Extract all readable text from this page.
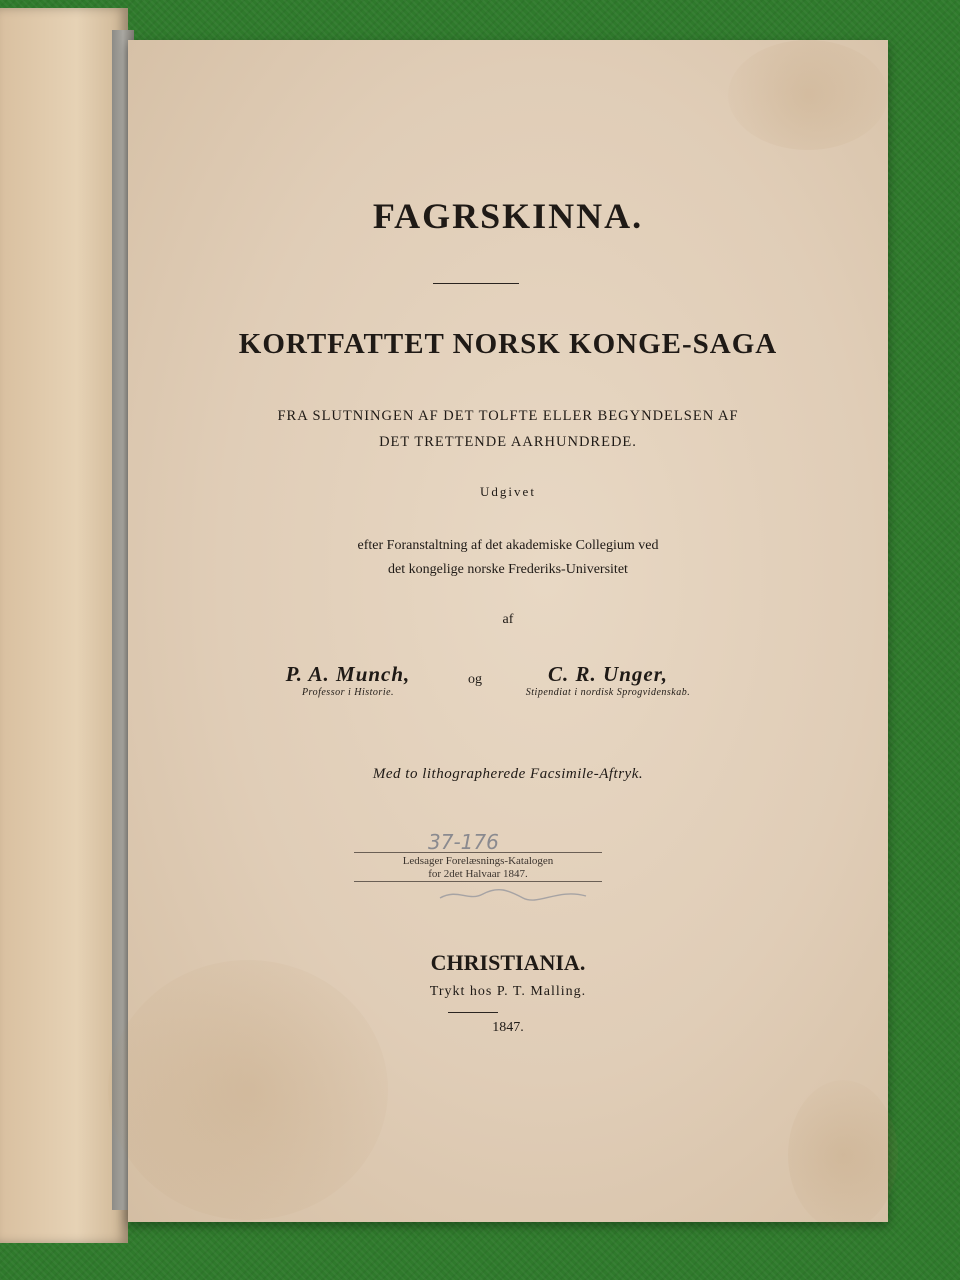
FAGRSKINNA.
KORTFATTET NORSK KONGE-SAGA
FRA SLUTNINGEN AF DET TOLFTE ELLER BEGYNDELSEN AF
DET TRETTENDE AARHUNDREDE.
Udgivet
efter Foranstaltning af det akademiske Collegium ved
det kongelige norske Frederiks-Universitet
af
P. A. Munch,
Professor i Historie.
og	C. R. Unger,
Stipendiat i nordisk Sprogvidenskab.
Med to lithographerede Facsimile-Aftryk.
37-176
Ledsager Forelæsnings-Katalogen
for 2det Halvaar 1847.
CHRISTIANIA.
Trykt hos P. T. Malling.
1847.
